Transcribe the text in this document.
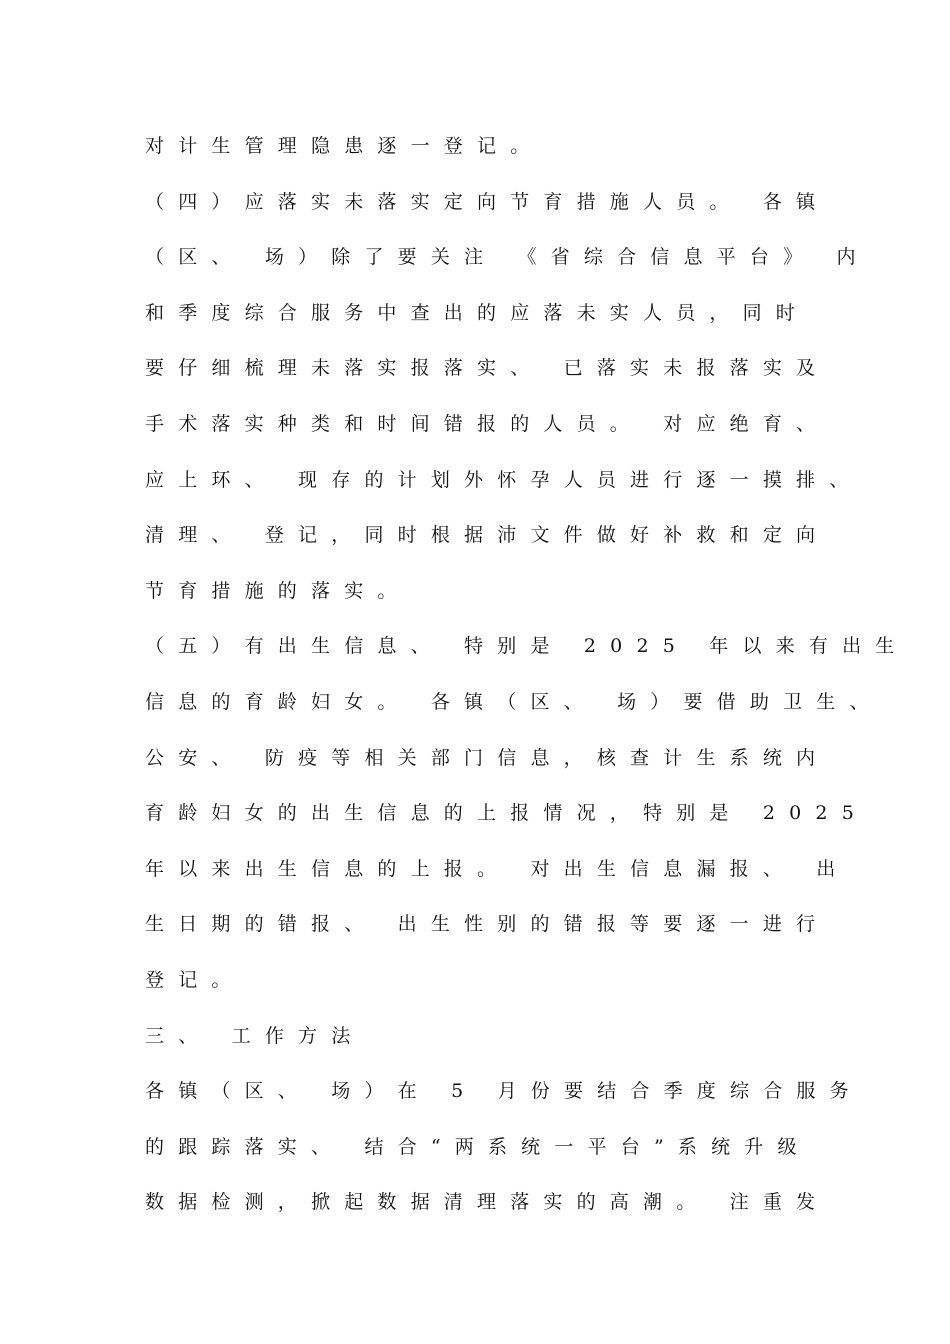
对计生管理隐患逐一登记。
（四）应落实未落实定向节育措施人员。 各镇
（区、 场）除了要关注 《省综合信息平台》 内
和季度综合服务中查出的应落未实人员，同时
要仔细梳理未落实报落实、 已落实未报落实及
手术落实种类和时间错报的人员。 对应绝育、
应上环、 现存的计划外怀孕人员进行逐一摸排、
清理、 登记，同时根据沛文件做好补救和定向
节育措施的落实。
（五）有出生信息、 特别是 2025 年以来有出生
信息的育龄妇女。 各镇（区、 场）要借助卫生、
公安、 防疫等相关部门信息，核查计生系统内
育龄妇女的出生信息的上报情况，特别是 2025
年以来出生信息的上报。 对出生信息漏报、 出
生日期的错报、 出生性别的错报等要逐一进行
登记。
三、 工作方法
各镇（区、 场）在 5 月份要结合季度综合服务
的跟踪落实、 结合“两系统一平台”系统升级
数据检测，掀起数据清理落实的高潮。 注重发
